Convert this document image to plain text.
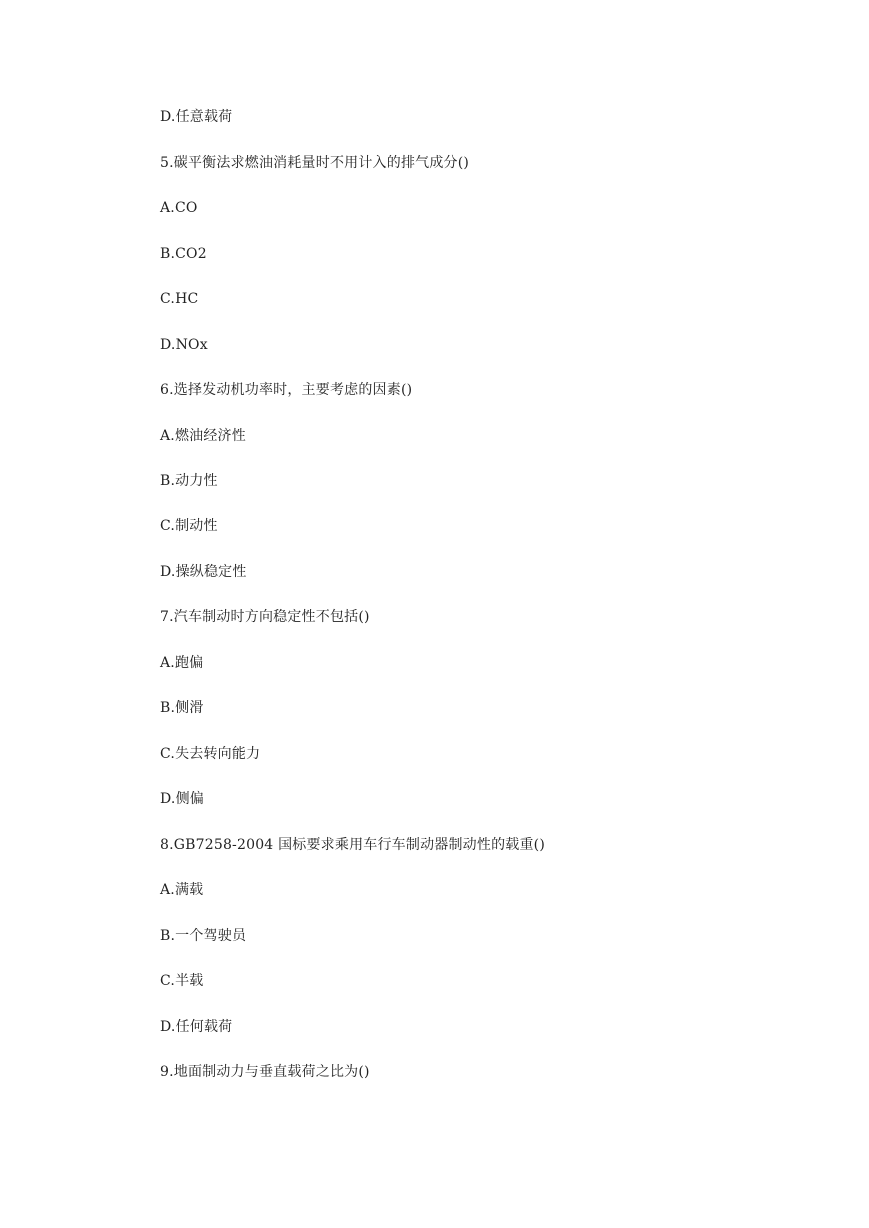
D.任意载荷

5.碳平衡法求燃油消耗量时不用计入的排气成分()

A.CO

B.CO2

C.HC

D.NOx

6.选择发动机功率时，主要考虑的因素()

A.燃油经济性

B.动力性

C.制动性

D.操纵稳定性

7.汽车制动时方向稳定性不包括()

A.跑偏

B.侧滑

C.失去转向能力

D.侧偏

8.GB7258-2004 国标要求乘用车行车制动器制动性的载重()

A.满载

B.一个驾驶员

C.半载

D.任何载荷

9.地面制动力与垂直载荷之比为()
